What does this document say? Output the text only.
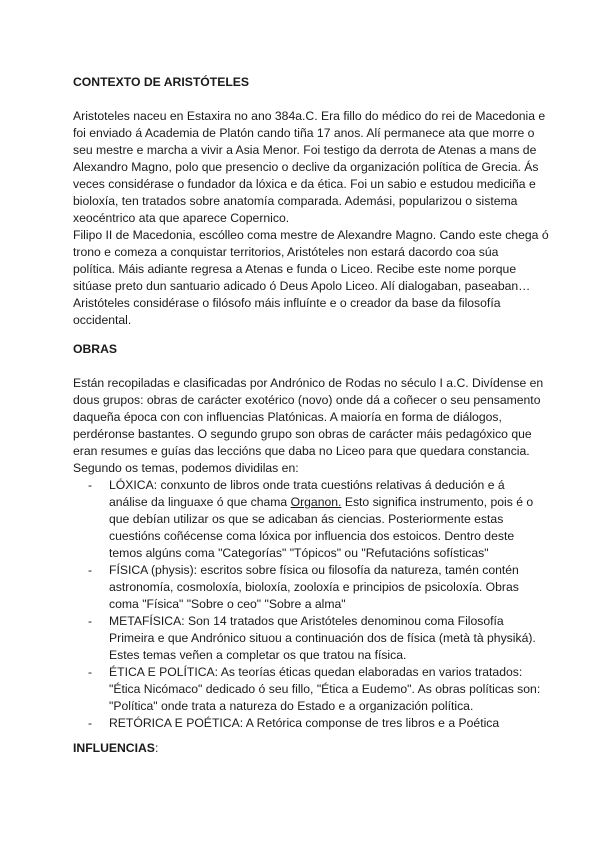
CONTEXTO DE ARISTÓTELES
Aristoteles naceu en Estaxira no ano 384a.C. Era fillo do médico do rei de Macedonia e
foi enviado á Academia de Platón cando tiña 17 anos. Alí permanece ata que morre o
seu mestre e marcha a vivir a Asia Menor. Foi testigo da derrota de Atenas a mans de
Alexandro Magno, polo que presencio o declive da organización política de Grecia. Ás
veces considérase o fundador da lóxica e da ética. Foi un sabio e estudou mediciña e
bioloxía, ten tratados sobre anatomía comparada. Ademási, popularizou o sistema
xeocéntrico ata que aparece Copernico.
Filipo II de Macedonia, escólleo coma mestre de Alexandre Magno. Cando este chega ó
trono e comeza a conquistar territorios, Aristóteles non estará dacordo coa súa
política. Máis adiante regresa a Atenas e funda o Liceo. Recibe este nome porque
sitúase preto dun santuario adicado ó Deus Apolo Liceo. Alí dialogaban, paseaban…
Aristóteles considérase o filósofo máis influínte e o creador da base da filosofía
occidental.
OBRAS
Están recopiladas e clasificadas por Andrónico de Rodas no século I a.C. Divídense en
dous grupos: obras de carácter exotérico (novo) onde dá a coñecer o seu pensamento
daqueña época con con influencias Platónicas. A maioría en forma de diálogos,
perdéronse bastantes. O segundo grupo son obras de carácter máis pedagóxico que
eran resumes e guías das leccións que daba no Liceo para que quedara constancia.
Segundo os temas, podemos dividilas en:
- LÓXICA: conxunto de libros onde trata cuestións relativas á dedución e á
análise da linguaxe ó que chama Organon. Esto significa instrumento, pois é o
que debían utilizar os que se adicaban ás ciencias. Posteriormente estas
cuestións coñécense coma lóxica por influencia dos estoicos. Dentro deste
temos algúns coma "Categorías" "Tópicos" ou "Refutacións sofísticas"
- FÍSICA (physis): escritos sobre física ou filosofía da natureza, tamén contén
astronomía, cosmoloxía, bioloxía, zooloxía e principios de psicoloxía. Obras
coma "Física" "Sobre o ceo" "Sobre a alma"
- METAFÍSICA: Son 14 tratados que Aristóteles denominou coma Filosofía
Primeira e que Andrónico situou a continuación dos de física (metà tà physiká).
Estes temas veñen a completar os que tratou na física.
- ÉTICA E POLÍTICA: As teorías éticas quedan elaboradas en varios tratados:
"Ética Nicómaco" dedicado ó seu fillo, "Ética a Eudemo". As obras políticas son:
"Política" onde trata a natureza do Estado e a organización política.
- RETÓRICA E POÉTICA: A Retórica componse de tres libros e a Poética
INFLUENCIAS:
